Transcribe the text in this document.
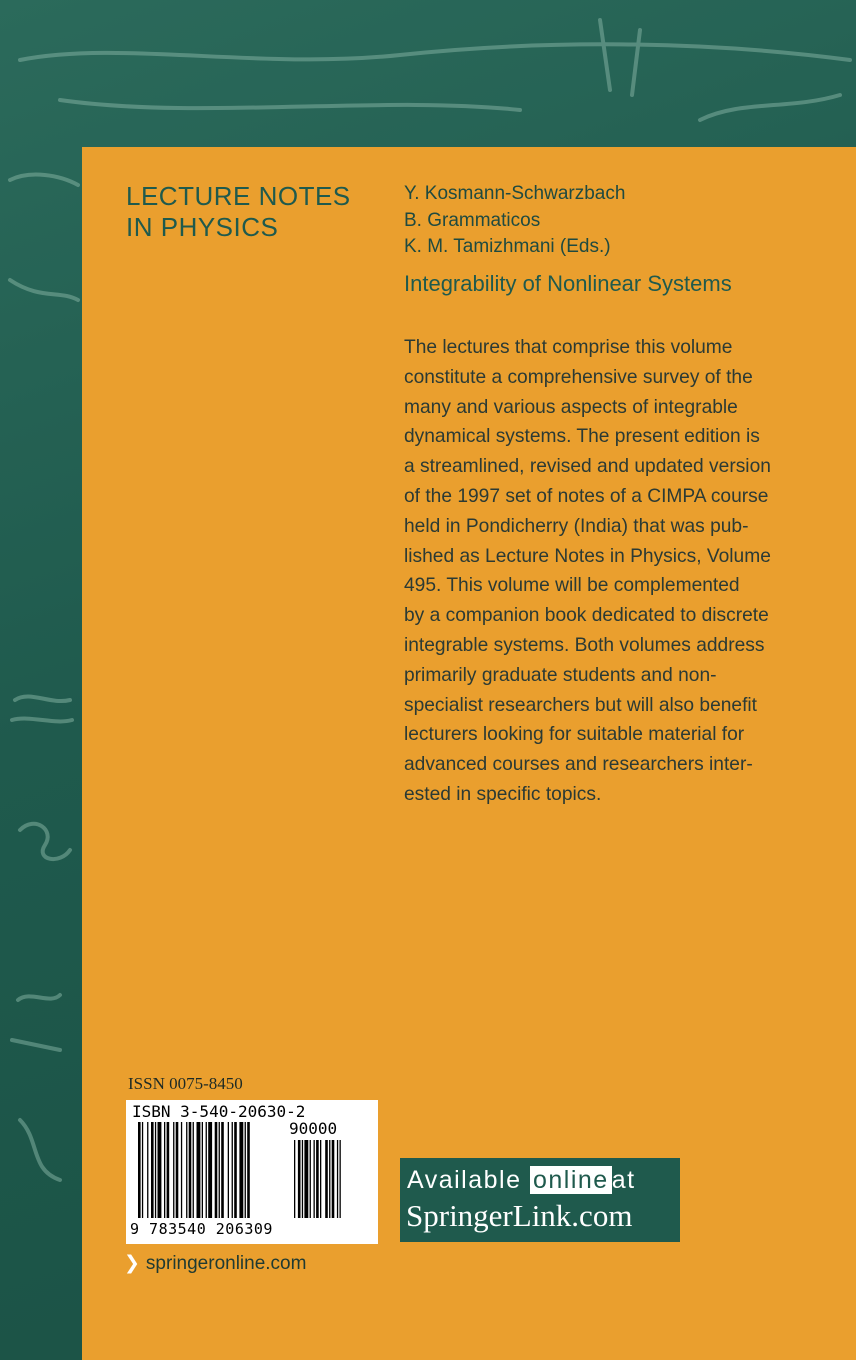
LECTURE NOTES
IN PHYSICS
Y. Kosmann-Schwarzbach
B. Grammaticos
K. M. Tamizhmani (Eds.)
Integrability of Nonlinear Systems
The lectures that comprise this volume
constitute a comprehensive survey of the
many and various aspects of integrable
dynamical systems. The present edition is
a streamlined, revised and updated version
of the 1997 set of notes of a CIMPA course
held in Pondicherry (India) that was pub-
lished as Lecture Notes in Physics, Volume
495. This volume will be complemented
by a companion book dedicated to discrete
integrable systems. Both volumes address
primarily graduate students and non-
specialist researchers but will also benefit
lecturers looking for suitable material for
advanced courses and researchers inter-
ested in specific topics.
ISSN 0075-8450
ISBN 3-540-20630-2
90000
9 783540 206309
❯ springeronline.com
Available online at
SpringerLink.com
